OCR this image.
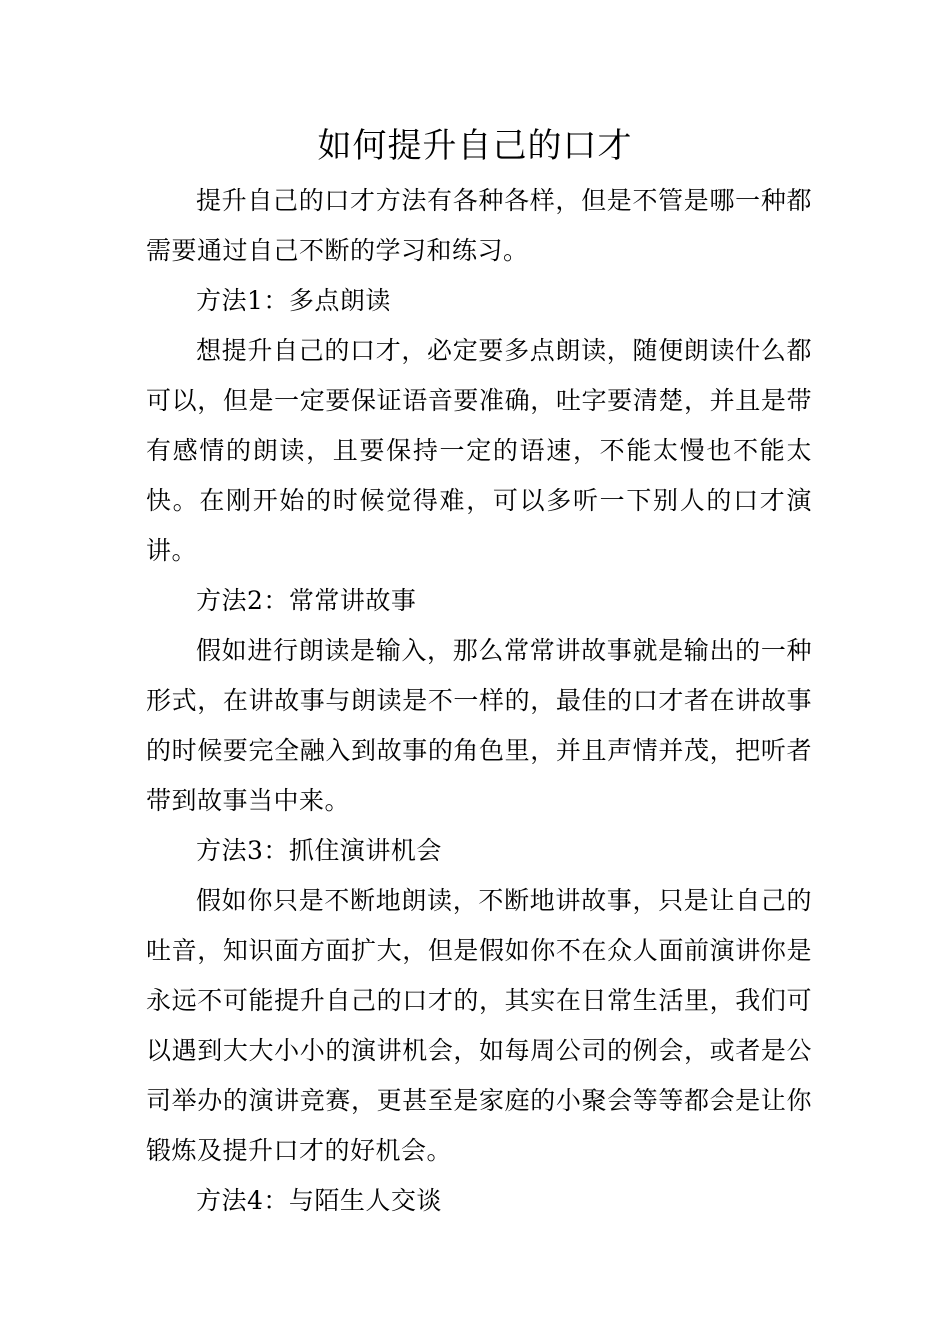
如何提升自己的口才

提升自己的口才方法有各种各样，但是不管是哪一种都需要通过自己不断的学习和练习。

方法1：多点朗读

想提升自己的口才，必定要多点朗读，随便朗读什么都可以，但是一定要保证语音要准确，吐字要清楚，并且是带有感情的朗读，且要保持一定的语速，不能太慢也不能太快。在刚开始的时候觉得难，可以多听一下别人的口才演讲。

方法2：常常讲故事

假如进行朗读是输入，那么常常讲故事就是输出的一种形式，在讲故事与朗读是不一样的，最佳的口才者在讲故事的时候要完全融入到故事的角色里，并且声情并茂，把听者带到故事当中来。

方法3：抓住演讲机会

假如你只是不断地朗读，不断地讲故事，只是让自己的吐音，知识面方面扩大，但是假如你不在众人面前演讲你是永远不可能提升自己的口才的，其实在日常生活里，我们可以遇到大大小小的演讲机会，如每周公司的例会，或者是公司举办的演讲竞赛，更甚至是家庭的小聚会等等都会是让你锻炼及提升口才的好机会。

方法4：与陌生人交谈
